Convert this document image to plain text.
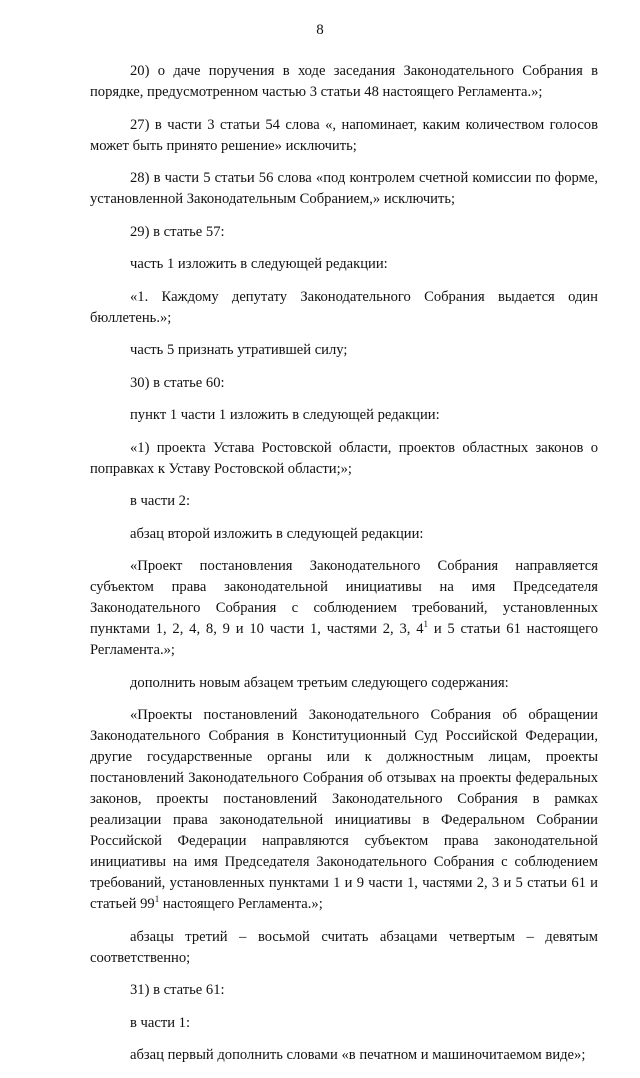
8

20) о даче поручения в ходе заседания Законодательного Собрания в порядке, предусмотренном частью 3 статьи 48 настоящего Регламента.»;

27) в части 3 статьи 54 слова «, напоминает, каким количеством голосов может быть принято решение» исключить;

28) в части 5 статьи 56 слова «под контролем счетной комиссии по форме, установленной Законодательным Собранием,» исключить;

29) в статье 57:

часть 1 изложить в следующей редакции:

«1. Каждому депутату Законодательного Собрания выдается один бюллетень.»;

часть 5 признать утратившей силу;

30) в статье 60:

пункт 1 части 1 изложить в следующей редакции:

«1) проекта Устава Ростовской области, проектов областных законов о поправках к Уставу Ростовской области;»;

в части 2:

абзац второй изложить в следующей редакции:

«Проект постановления Законодательного Собрания направляется субъектом права законодательной инициативы на имя Председателя Законодательного Собрания с соблюдением требований, установленных пунктами 1, 2, 4, 8, 9 и 10 части 1, частями 2, 3, $4^1$ и 5 статьи 61 настоящего Регламента.»;

дополнить новым абзацем третьим следующего содержания:

«Проекты постановлений Законодательного Собрания об обращении Законодательного Собрания в Конституционный Суд Российской Федерации, другие государственные органы или к должностным лицам, проекты постановлений Законодательного Собрания об отзывах на проекты федеральных законов, проекты постановлений Законодательного Собрания в рамках реализации права законодательной инициативы в Федеральном Собрании Российской Федерации направляются субъектом права законодательной инициативы на имя Председателя Законодательного Собрания с соблюдением требований, установленных пунктами 1 и 9 части 1, частями 2, 3 и 5 статьи 61 и статьей $99^1$ настоящего Регламента.»;

абзацы третий – восьмой считать абзацами четвертым – девятым соответственно;

31) в статье 61:

в части 1:

абзац первый дополнить словами «в печатном и машиночитаемом виде»;
